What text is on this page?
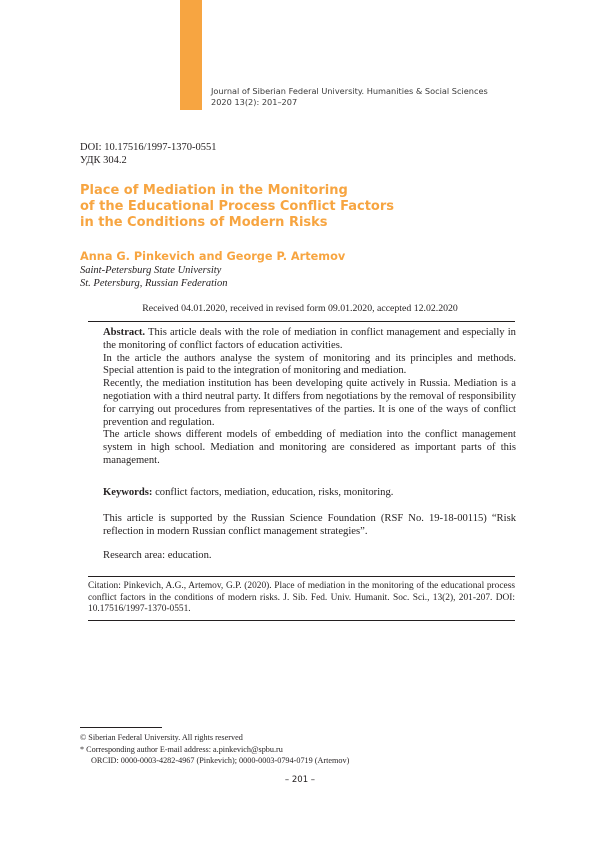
Journal of Siberian Federal University. Humanities & Social Sciences
2020 13(2): 201–207
DOI: 10.17516/1997-1370-0551
УДК 304.2
Place of Mediation in the Monitoring
of the Educational Process Conflict Factors
in the Conditions of Modern Risks
Anna G. Pinkevich and George P. Artemov
Saint-Petersburg State University
St. Petersburg, Russian Federation
Received 04.01.2020, received in revised form 09.01.2020, accepted 12.02.2020

Abstract. This article deals with the role of mediation in conflict management and especially in the monitoring of conflict factors of education activities.

In the article the authors analyse the system of monitoring and its principles and methods. Special attention is paid to the integration of monitoring and mediation.

Recently, the mediation institution has been developing quite actively in Russia. Mediation is a negotiation with a third neutral party. It differs from negotiations by the removal of responsibility for carrying out procedures from representatives of the parties. It is one of the ways of conflict prevention and regulation.

The article shows different models of embedding of mediation into the conflict management system in high school. Mediation and monitoring are considered as important parts of this management.

Keywords: conflict factors, mediation, education, risks, monitoring.
This article is supported by the Russian Science Foundation (RSF No. 19-18-00115) “Risk reflection in modern Russian conflict management strategies”.
Research area: education.
Citation: Pinkevich, A.G., Artemov, G.P. (2020). Place of mediation in the monitoring of the educational process conflict factors in the conditions of modern risks. J. Sib. Fed. Univ. Humanit. Soc. Sci., 13(2), 201-207. DOI: 10.17516/1997-1370-0551.
© Siberian Federal University. All rights reserved
* Corresponding author E-mail address: a.pinkevich@spbu.ru
ORCID: 0000-0003-4282-4967 (Pinkevich); 0000-0003-0794-0719 (Artemov)
– 201 –
